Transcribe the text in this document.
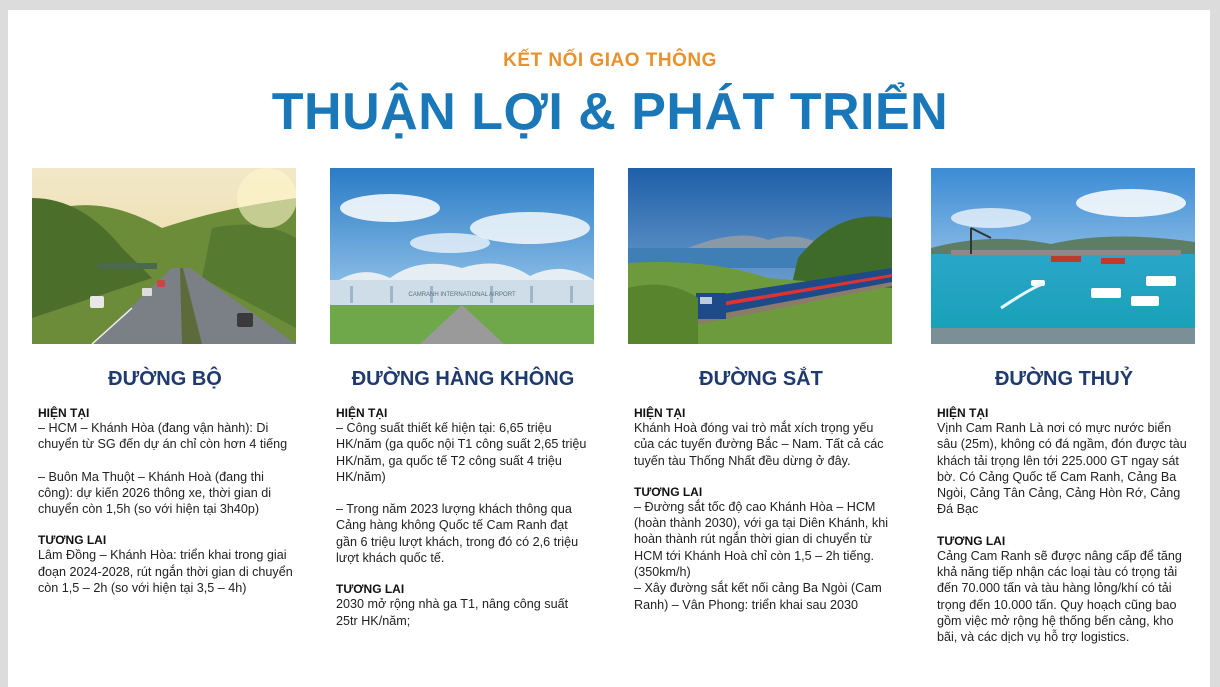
KẾT NỐI GIAO THÔNG
THUẬN LỢI & PHÁT TRIỂN
ĐƯỜNG BỘ
HIỆN TẠI

– HCM – Khánh Hòa (đang vận hành): Di chuyển từ SG đến dự án chỉ còn hơn 4 tiếng

– Buôn Ma Thuột – Khánh Hoà (đang thi công): dự kiến 2026 thông xe, thời gian di chuyển còn 1,5h (so với hiện tại 3h40p)

TƯƠNG LAI

Lâm Đồng – Khánh Hòa: triển khai trong giai đoạn 2024-2028, rút ngắn thời gian di chuyển còn 1,5 – 2h (so với hiện tại 3,5 – 4h)

CAMRANH INTERNATIONAL AIRPORT
ĐƯỜNG HÀNG KHÔNG
HIỆN TẠI

– Công suất thiết kế hiện tại: 6,65 triệu HK/năm (ga quốc nội T1 công suất 2,65 triệu HK/năm, ga quốc tế T2 công suất 4 triệu HK/năm)

– Trong năm 2023 lượng khách thông qua Cảng hàng không Quốc tế Cam Ranh đạt gần 6 triệu lượt khách, trong đó có 2,6 triệu lượt khách quốc tế.

TƯƠNG LAI

2030 mở rộng nhà ga T1, nâng công suất 25tr HK/năm;

ĐƯỜNG SẮT
HIỆN TẠI

Khánh Hoà đóng vai trò mắt xích trọng yếu của các tuyến đường Bắc – Nam. Tất cả các tuyến tàu Thống Nhất đều dừng ở đây.

TƯƠNG LAI

– Đường sắt tốc độ cao Khánh Hòa – HCM (hoàn thành 2030), với ga tại Diên Khánh, khi hoàn thành rút ngắn thời gian di chuyển từ HCM tới Khánh Hoà chỉ còn 1,5 – 2h tiếng. (350km/h)

– Xây đường sắt kết nối cảng Ba Ngòi (Cam Ranh) – Vân Phong: triển khai sau 2030

ĐƯỜNG THUỶ
HIỆN TẠI

Vịnh Cam Ranh Là nơi có mực nước biển sâu (25m), không có đá ngầm, đón được tàu khách tải trọng lên tới 225.000 GT ngay sát bờ. Có Cảng Quốc tế Cam Ranh, Cảng Ba Ngòi, Cảng Tân Cảng, Cảng Hòn Rớ, Cảng Đá Bạc

TƯƠNG LAI

Cảng Cam Ranh sẽ được nâng cấp để tăng khả năng tiếp nhận các loại tàu có trọng tải đến 70.000 tấn và tàu hàng lỏng/khí có tải trọng đến 10.000 tấn. Quy hoạch cũng bao gồm việc mở rộng hệ thống bến cảng, kho bãi, và các dịch vụ hỗ trợ logistics.
